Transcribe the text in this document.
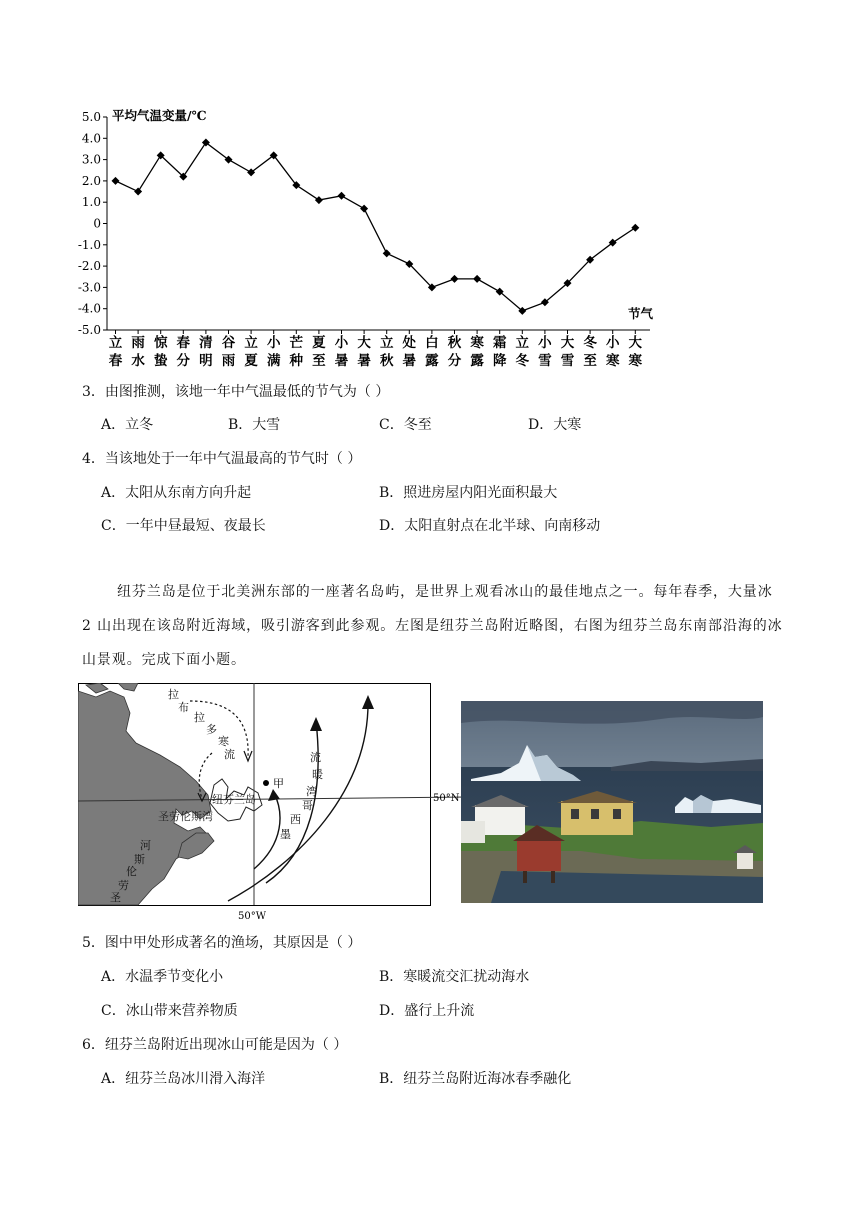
平均气温变量/℃
节气
5.0
4.0
3.0
2.0
1.0
0
-1.0
-2.0
-3.0
-4.0
-5.0
立春
雨水
惊蛰
春分
清明
谷雨
立夏
小满
芒种
夏至
小暑
大暑
立秋
处暑
白露
秋分
寒露
霜降
立冬
小雪
大雪
冬至
小寒
大寒
3．由图推测，该地一年中气温最低的节气为（ ）
A．立冬	B．大雪	C．冬至	D．大寒
4．当该地处于一年中气温最高的节气时（ ）
A．太阳从东南方向升起	B．照进房屋内阳光面积最大
C．一年中昼最短、夜最长	D．太阳直射点在北半球、向南移动
纽芬兰岛是位于北美洲东部的一座著名岛屿，是世界上观看冰山的最佳地点之一。每年春季，大量冰
2 山出现在该岛附近海域，吸引游客到此参观。左图是纽芬兰岛附近略图，右图为纽芬兰岛东南部沿海的冰
山景观。完成下面小题。
甲
纽芬兰岛
圣劳伦斯湾
50°N
50°W
拉
布
拉
多
寒
流	流
暖
湾
哥
西
墨
河
斯
伦
劳
圣
5．图中甲处形成著名的渔场，其原因是（ ）
A．水温季节变化小	B．寒暖流交汇扰动海水
C．冰山带来营养物质	D．盛行上升流
6．纽芬兰岛附近出现冰山可能是因为（ ）
A．纽芬兰岛冰川滑入海洋	B．纽芬兰岛附近海冰春季融化
